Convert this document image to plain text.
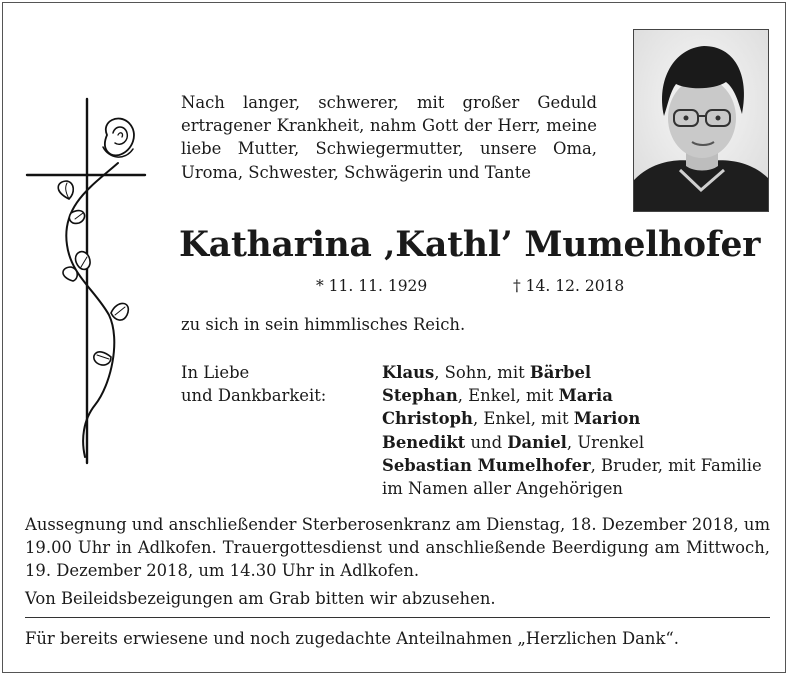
Nach langer, schwerer, mit großer Geduld ertragener Krankheit, nahm Gott der Herr, meine liebe Mutter, Schwiegermutter, unsere Oma, Uroma, Schwester, Schwägerin und Tante

Katharina ‚Kathl’ Mumelhofer
* 11. 11. 1929	† 14. 12. 2018

zu sich in sein himmlisches Reich.

In Liebe
und Dankbarkeit:

Klaus, Sohn, mit Bärbel
Stephan, Enkel, mit Maria
Christoph, Enkel, mit Marion
Benedikt und Daniel, Urenkel
Sebastian Mumelhofer, Bruder, mit Familie
im Namen aller Angehörigen

Aussegnung und anschließender Sterberosenkranz am Dienstag, 18. Dezember 2018, um 19.00 Uhr in Adlkofen. Trauergottesdienst und anschließende Beerdigung am Mittwoch, 19. Dezember 2018, um 14.30 Uhr in Adlkofen.

Von Beileidsbezeigungen am Grab bitten wir abzusehen.

Für bereits erwiesene und noch zugedachte Anteilnahmen „Herzlichen Dank“.
